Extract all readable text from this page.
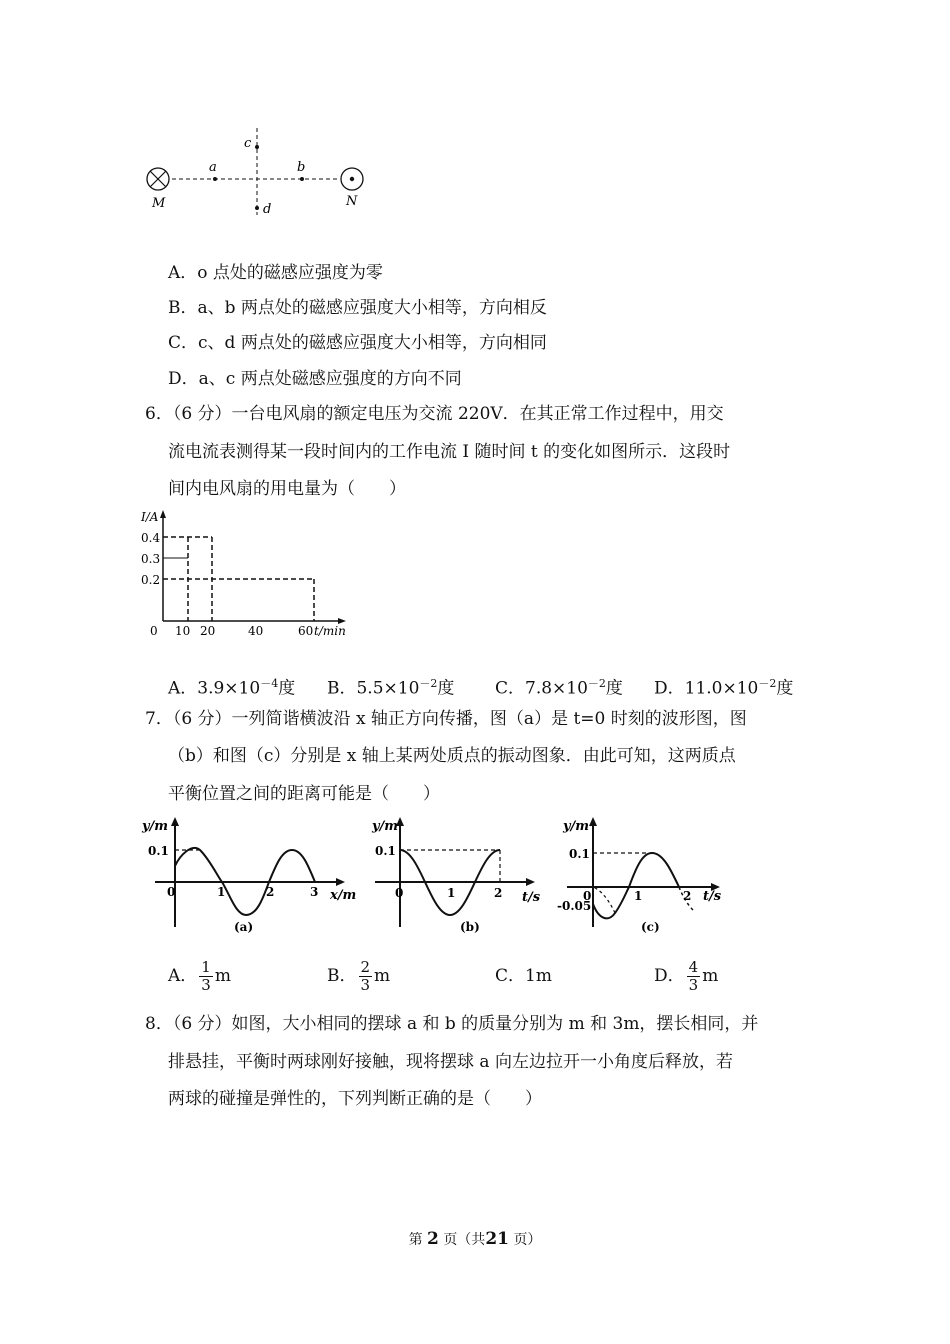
M
a
c
b
d
N
A．o 点处的磁感应强度为零
B．a、b 两点处的磁感应强度大小相等，方向相反
C．c、d 两点处的磁感应强度大小相等，方向相同
D．a、c 两点处磁感应强度的方向不同
6．（6 分）一台电风扇的额定电压为交流 220V．在其正常工作过程中，用交
流电流表测得某一段时间内的工作电流 I 随时间 t 的变化如图所示．这段时
间内电风扇的用电量为（　　）
I/A
0.4
0.3
0.2
0 10 20	40	60 t/min
A．$3.9\times 10^{-4}$度 B．$5.5\times 10^{-2}$度 C．$7.8\times 10^{-2}$度 D．$11.0\times 10^{-2}$度
7．（6 分）一列简谐横波沿 x 轴正方向传播，图（a）是 t=0 时刻的波形图，图
（b）和图（c）分别是 x 轴上某两处质点的振动图象．由此可知，这两质点
平衡位置之间的距离可能是（　　）
y/m
0.1
0	1	2	3 x/m
(a)
y/m
0.1
0	1	2 t/s
(b)
y/m
0.1
-0.05
0	1	2 t/s
(c)
A． $\frac{1}{3}$ m	B． $\frac{2}{3}$ m	C．1m	D． $\frac{4}{3}$ m
8．（6 分）如图，大小相同的摆球 a 和 b 的质量分别为 m 和 3m，摆长相同，并
排悬挂，平衡时两球刚好接触，现将摆球 a 向左边拉开一小角度后释放，若
两球的碰撞是弹性的，下列判断正确的是（　　）
第 2 页（共21 页）
